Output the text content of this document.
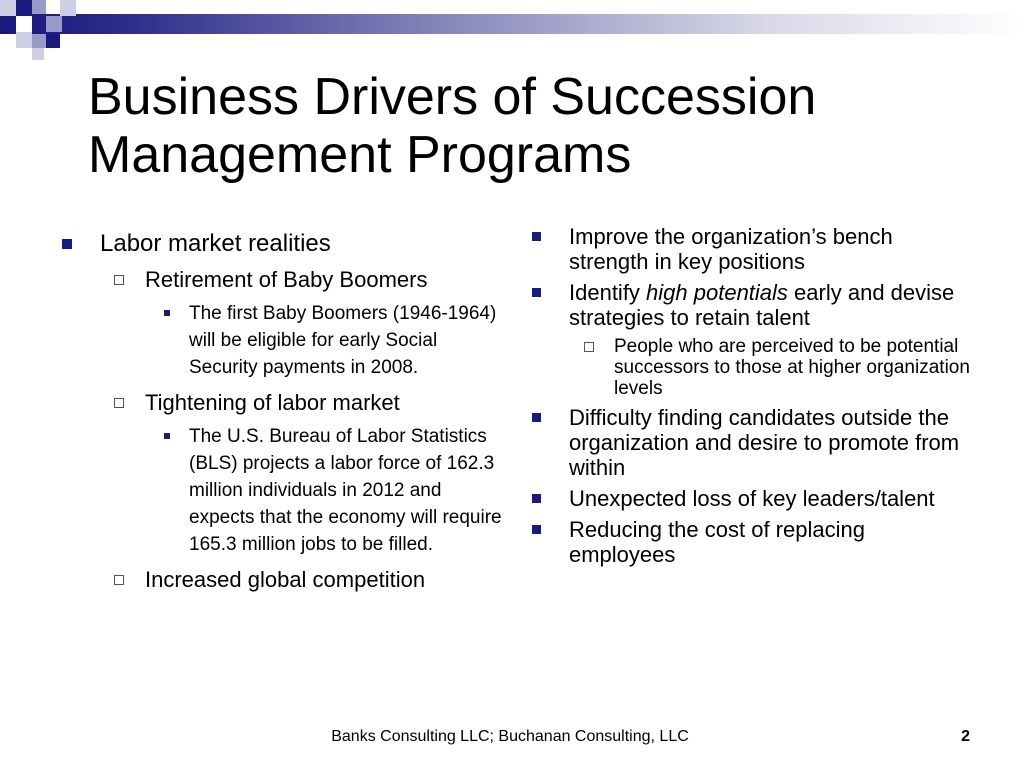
Business Drivers of Succession
Management Programs
Labor market realities
Retirement of Baby Boomers
The first Baby Boomers (1946-1964) will be eligible for early Social Security payments in 2008.
Tightening of labor market
The U.S. Bureau of Labor Statistics (BLS) projects a labor force of 162.3 million individuals in 2012 and expects that the economy will require 165.3 million jobs to be filled.
Increased global competition
Improve the organization’s bench strength in key positions
Identify high potentials early and devise strategies to retain talent
People who are perceived to be potential successors to those at higher organization levels
Difficulty finding candidates outside the organization and desire to promote from within
Unexpected loss of key leaders/talent
Reducing the cost of replacing employees
Banks Consulting LLC; Buchanan Consulting, LLC	2
